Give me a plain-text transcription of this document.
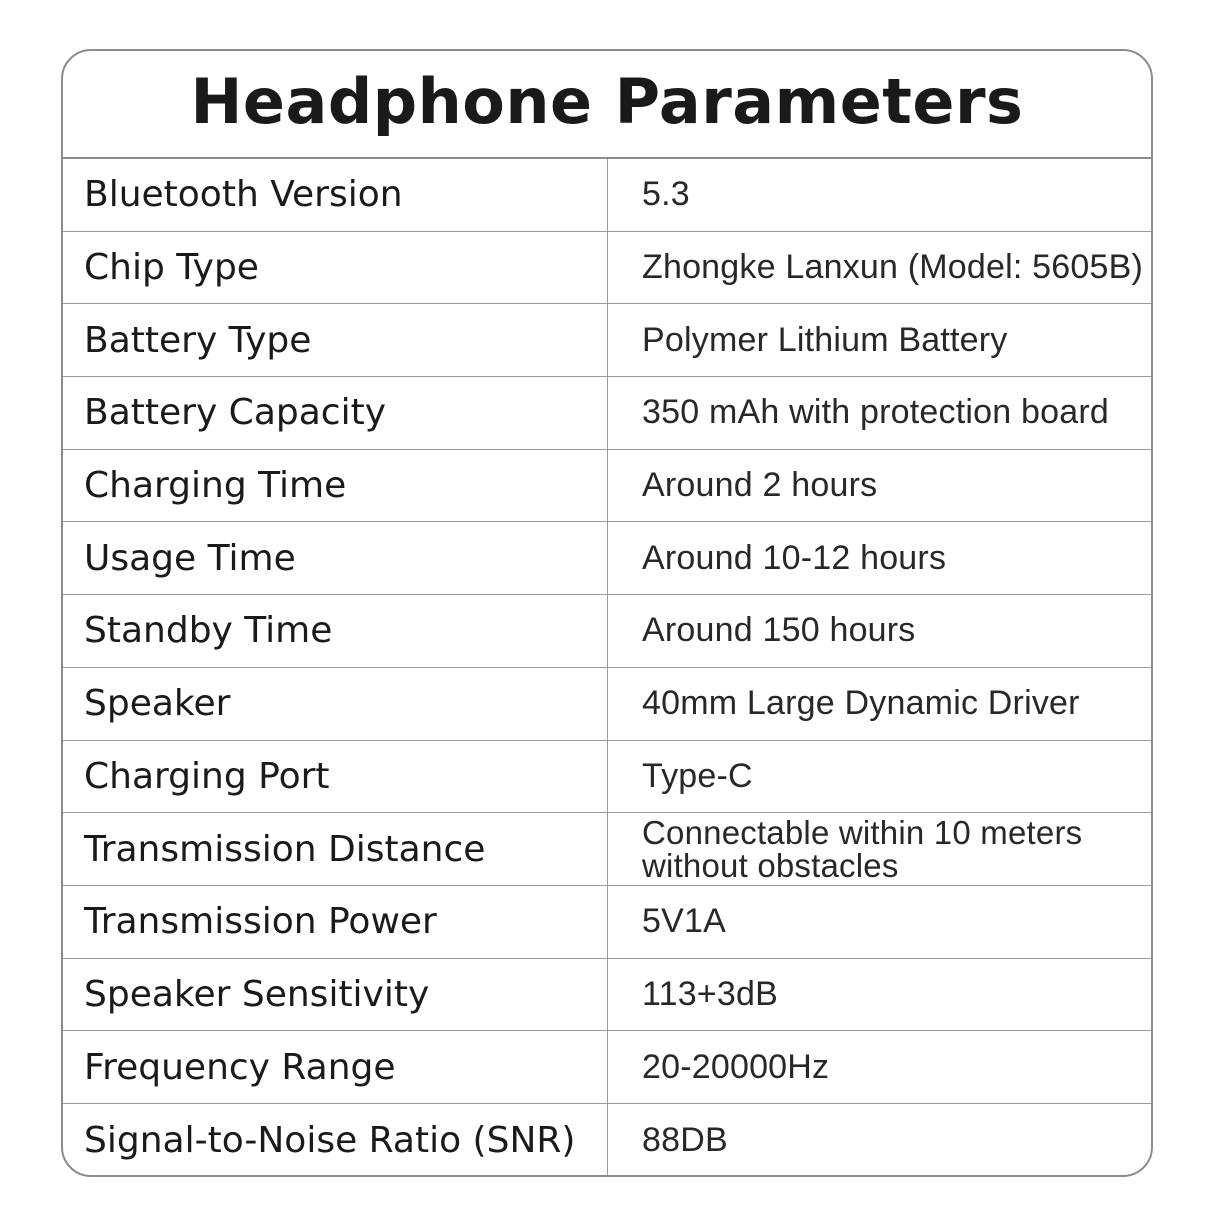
Headphone Parameters
Bluetooth Version	5.3
Chip Type	Zhongke Lanxun (Model: 5605B)
Battery Type	Polymer Lithium Battery
Battery Capacity	350 mAh with protection board
Charging Time	Around 2 hours
Usage Time	Around 10-12 hours
Standby Time	Around 150 hours
Speaker	40mm Large Dynamic Driver
Charging Port	Type-C
Transmission Distance	Connectable within 10 meters without obstacles
Transmission Power	5V1A
Speaker Sensitivity	113+3dB
Frequency Range	20-20000Hz
Signal-to-Noise Ratio (SNR)	88DB
